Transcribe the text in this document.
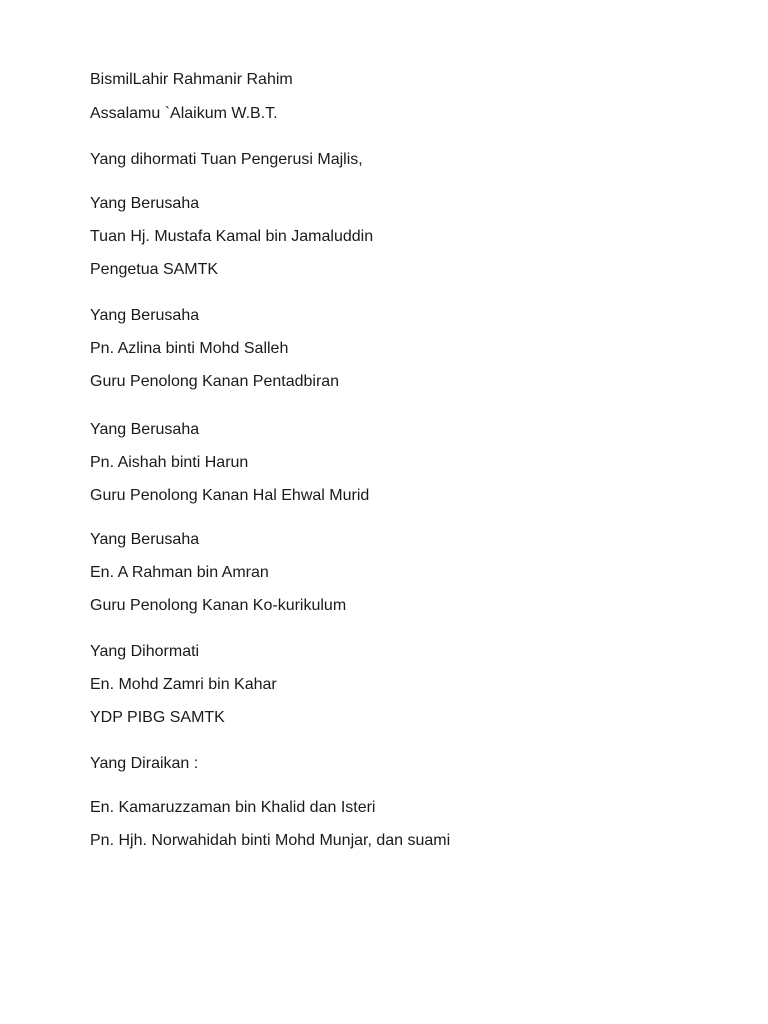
BismilLahir Rahmanir Rahim

Assalamu `Alaikum W.B.T.

Yang dihormati Tuan Pengerusi Majlis,

Yang Berusaha

Tuan Hj. Mustafa Kamal bin Jamaluddin

Pengetua SAMTK

Yang Berusaha

Pn. Azlina binti Mohd Salleh

Guru Penolong Kanan Pentadbiran

Yang Berusaha

Pn. Aishah binti Harun

Guru Penolong Kanan Hal Ehwal Murid

Yang Berusaha

En. A Rahman bin Amran

Guru Penolong Kanan Ko-kurikulum

Yang Dihormati

En. Mohd Zamri bin Kahar

YDP PIBG SAMTK

Yang Diraikan :

En. Kamaruzzaman bin Khalid dan Isteri

Pn. Hjh. Norwahidah binti Mohd Munjar, dan suami
